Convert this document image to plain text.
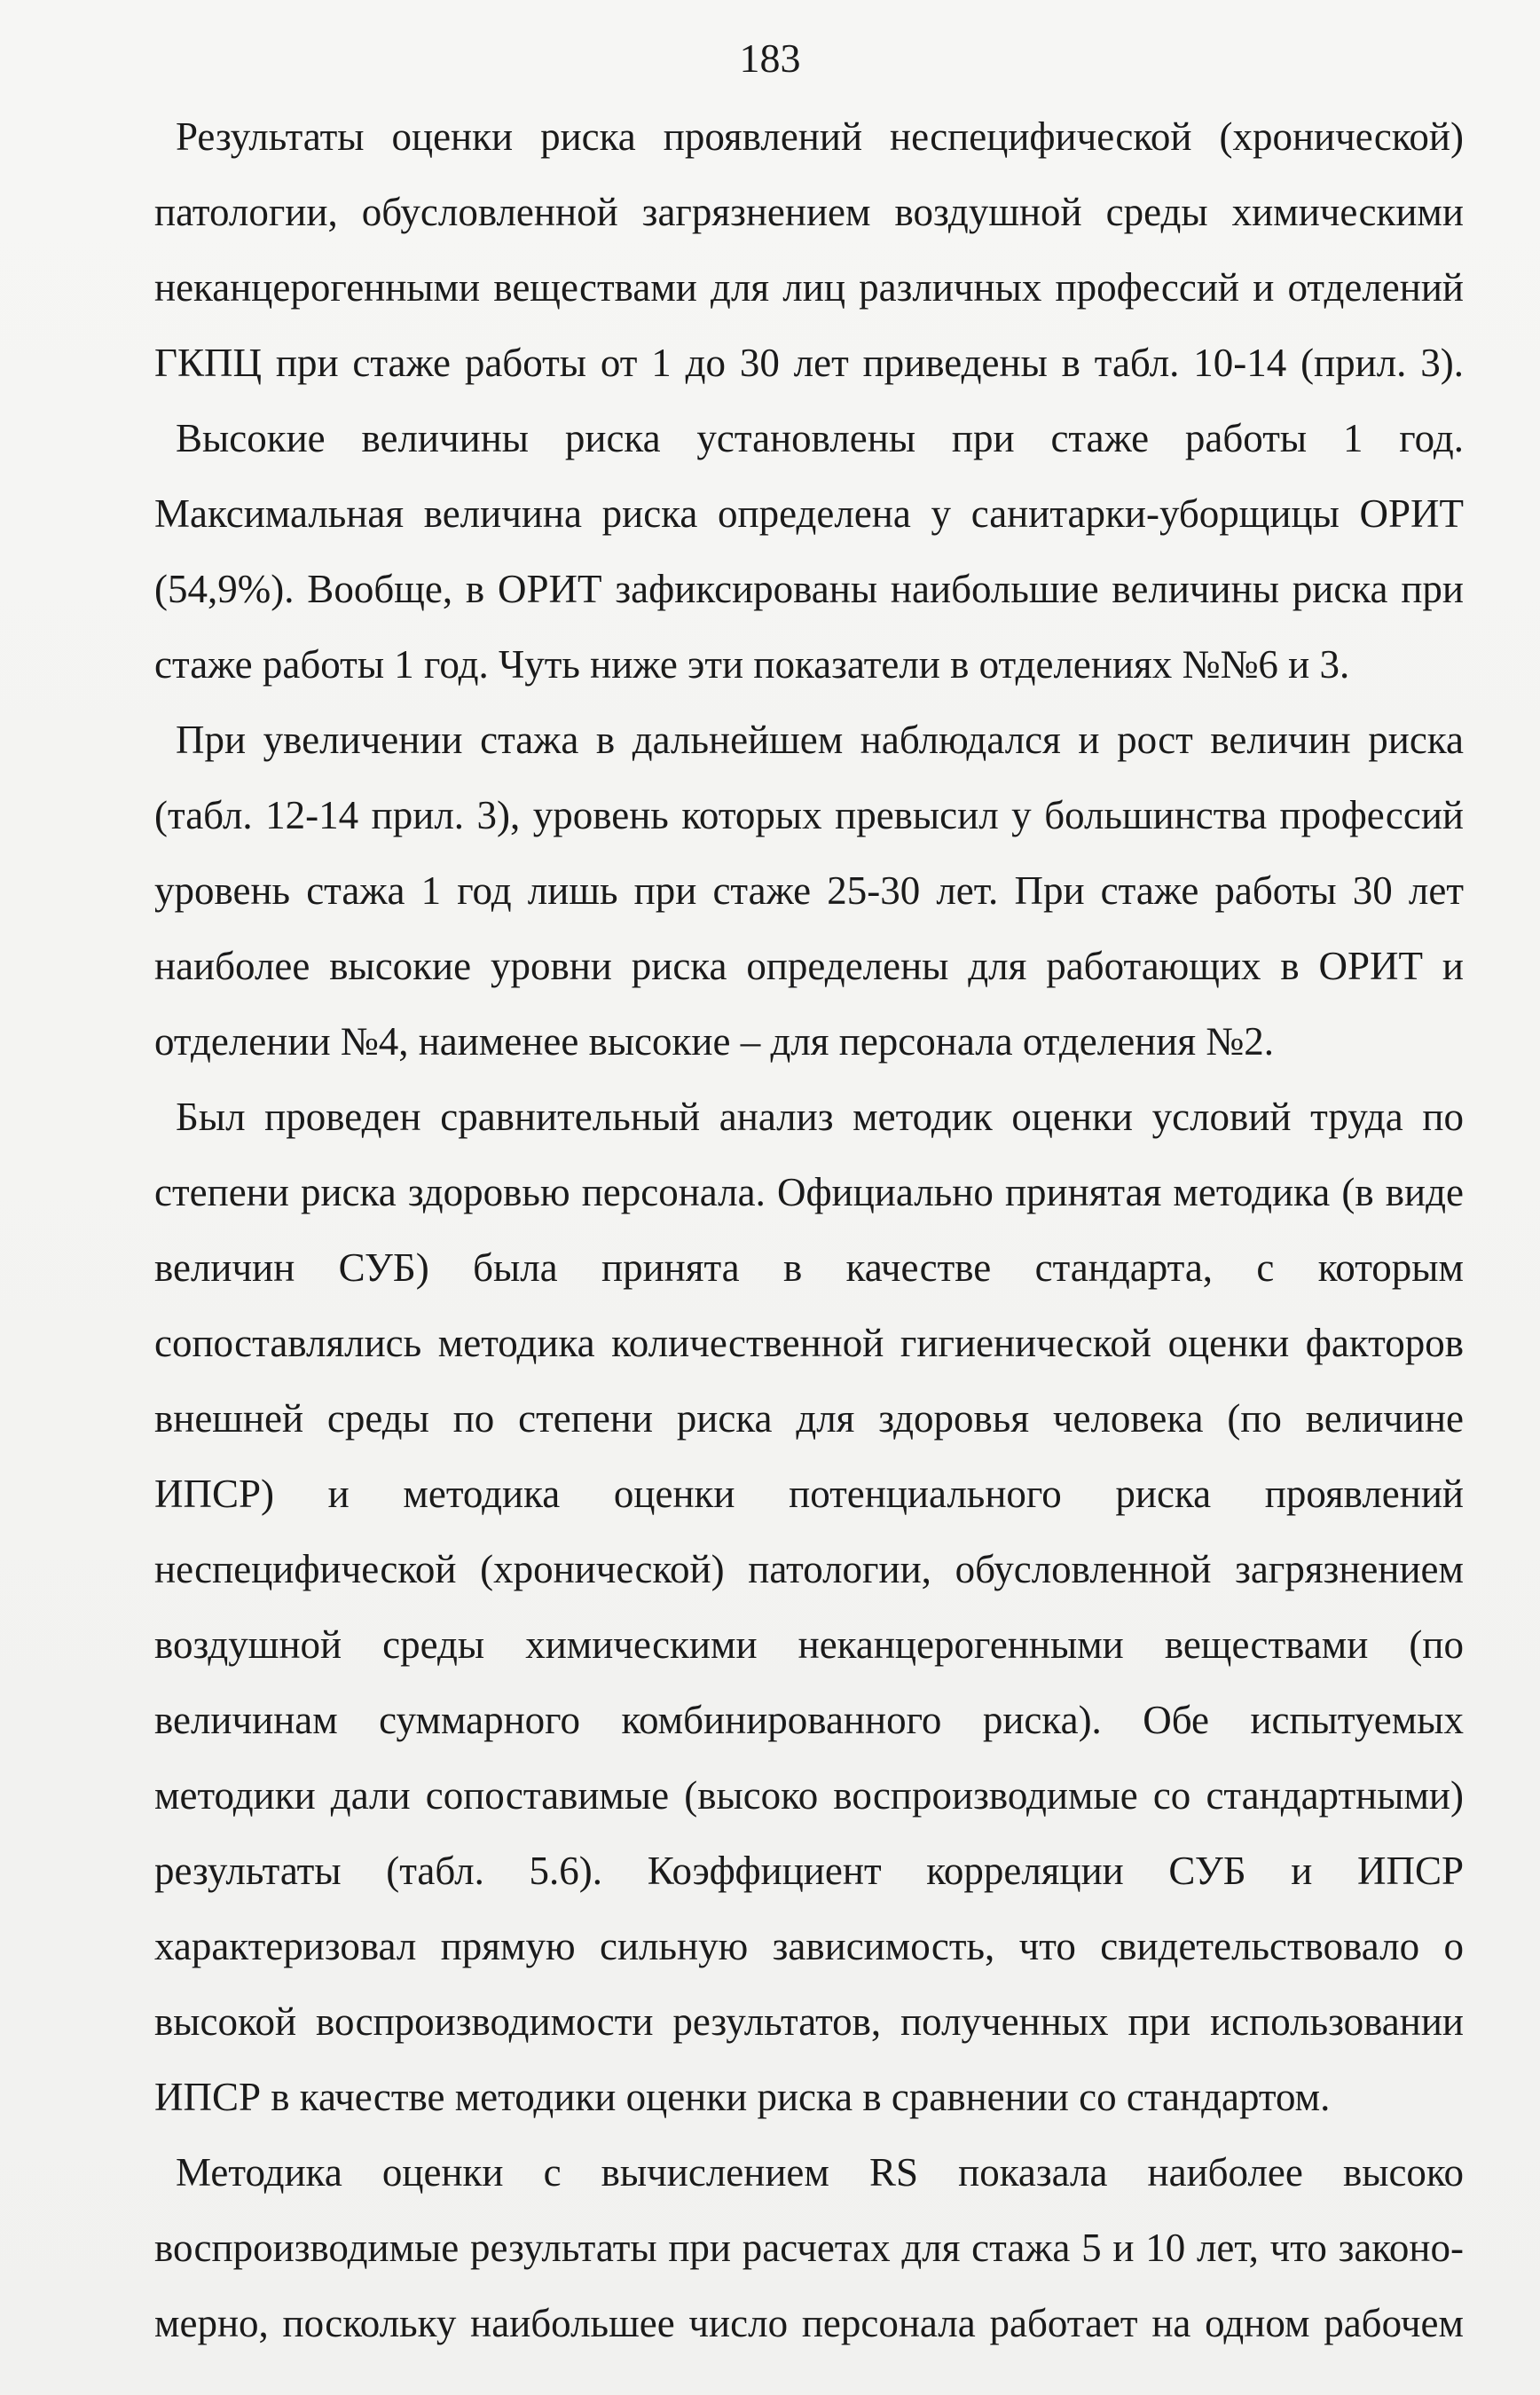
183

Результаты оценки риска проявлений неспецифической (хронической)
патологии, обусловленной загрязнением воздушной среды химическими
неканцерогенными веществами для лиц различных профессий и отделений
ГКПЦ при стаже работы от 1 до 30 лет приведены в табл. 10-14 (прил. 3).

Высокие величины риска установлены при стаже работы 1 год.
Максимальная величина риска определена у санитарки-уборщицы ОРИТ
(54,9%). Вообще, в ОРИТ зафиксированы наибольшие величины риска при
стаже работы 1 год. Чуть ниже эти показатели в отделениях №№6 и 3.

При увеличении стажа в дальнейшем наблюдался и рост величин риска
(табл. 12-14 прил. 3), уровень которых превысил у большинства профессий
уровень стажа 1 год лишь при стаже 25-30 лет. При стаже работы 30 лет
наиболее высокие уровни риска определены для работающих в ОРИТ и
отделении №4, наименее высокие – для персонала отделения №2.

Был проведен сравнительный анализ методик оценки условий труда по
степени риска здоровью персонала. Официально принятая методика (в виде
величин СУБ) была принята в качестве стандарта, с которым
сопоставлялись методика количественной гигиенической оценки факторов
внешней среды по степени риска для здоровья человека (по величине
ИПСР) и методика оценки потенциального риска проявлений
неспецифической (хронической) патологии, обусловленной загрязнением
воздушной среды химическими неканцерогенными веществами (по
величинам суммарного комбинированного риска). Обе испытуемых
методики дали сопоставимые (высоко воспроизводимые со стандартными)
результаты (табл. 5.6). Коэффициент корреляции СУБ и ИПСР
характеризовал прямую сильную зависимость, что свидетельствовало о
высокой воспроизводимости результатов, полученных при использовании
ИПСР в качестве методики оценки риска в сравнении со стандартом.

Методика оценки с вычислением RS показала наиболее высоко
воспроизводимые результаты при расчетах для стажа 5 и 10 лет, что законо-
мерно, поскольку наибольшее число персонала работает на одном рабочем
